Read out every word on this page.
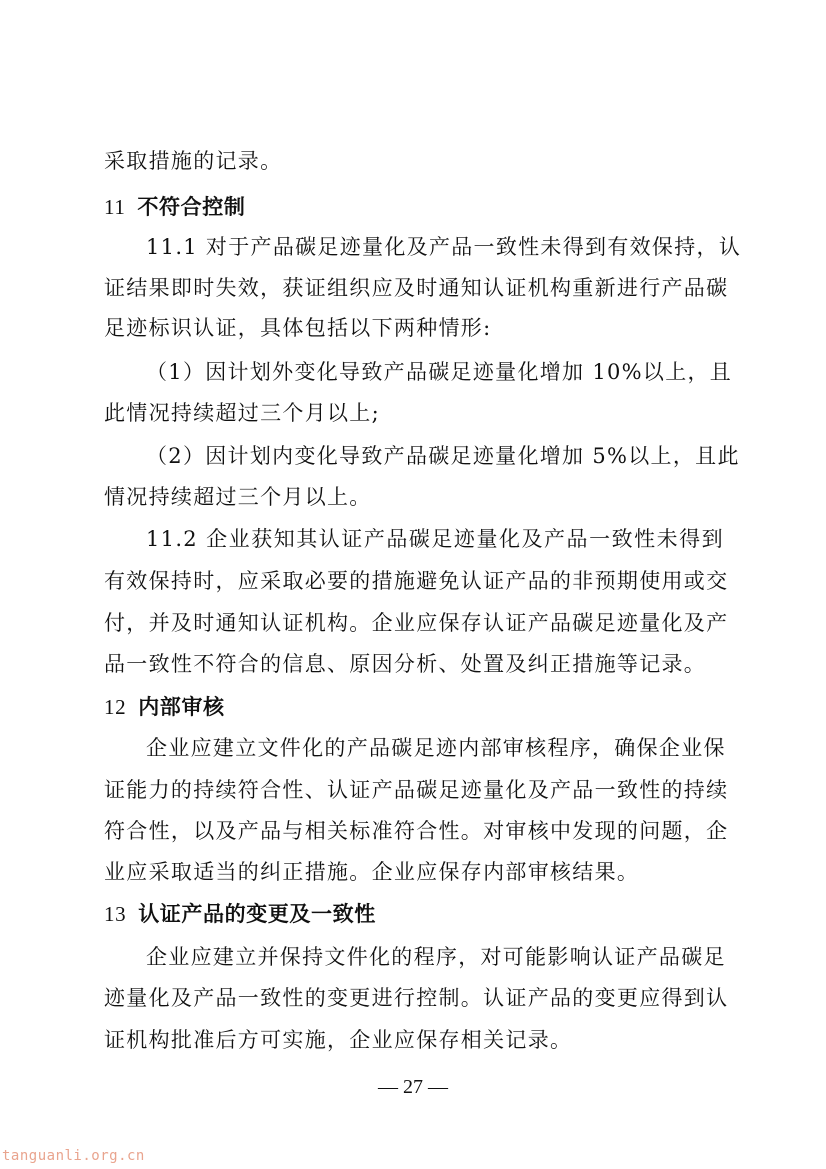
采取措施的记录。
11 不符合控制
11.1 对于产品碳足迹量化及产品一致性未得到有效保持，认
证结果即时失效，获证组织应及时通知认证机构重新进行产品碳
足迹标识认证，具体包括以下两种情形:
（1）因计划外变化导致产品碳足迹量化增加 10%以上，且
此情况持续超过三个月以上;
（2）因计划内变化导致产品碳足迹量化增加 5%以上，且此
情况持续超过三个月以上。
11.2 企业获知其认证产品碳足迹量化及产品一致性未得到
有效保持时，应采取必要的措施避免认证产品的非预期使用或交
付，并及时通知认证机构。企业应保存认证产品碳足迹量化及产
品一致性不符合的信息、原因分析、处置及纠正措施等记录。
12 内部审核
企业应建立文件化的产品碳足迹内部审核程序，确保企业保
证能力的持续符合性、认证产品碳足迹量化及产品一致性的持续
符合性，以及产品与相关标准符合性。对审核中发现的问题，企
业应采取适当的纠正措施。企业应保存内部审核结果。
13 认证产品的变更及一致性
企业应建立并保持文件化的程序，对可能影响认证产品碳足
迹量化及产品一致性的变更进行控制。认证产品的变更应得到认
证机构批准后方可实施，企业应保存相关记录。
— 27 —
tanguanli.org.cn
